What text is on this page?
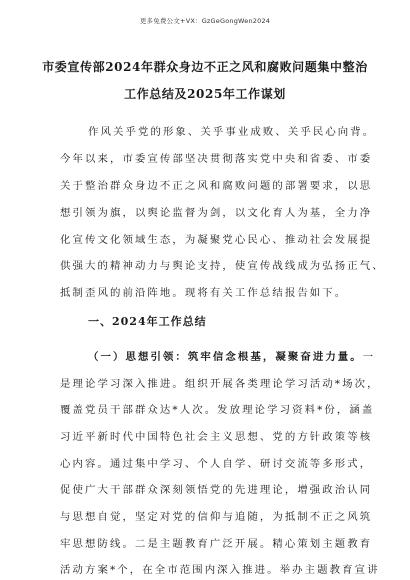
更多免费公文+VX：GzGeGongWen2024
市委宣传部2024年群众身边不正之风和腐败问题集中整治
工作总结及2025年工作谋划
作风关乎党的形象、关乎事业成败、关乎民心向背。
今年以来，市委宣传部坚决贯彻落实党中央和省委、市委
关于整治群众身边不正之风和腐败问题的部署要求，以思
想引领为旗，以舆论监督为剑，以文化育人为基，全力净
化宣传文化领域生态，为凝聚党心民心、推动社会发展提
供强大的精神动力与舆论支持，使宣传战线成为弘扬正气、
抵制歪风的前沿阵地。现将有关工作总结报告如下。
一、2024年工作总结
（一）思想引领：筑牢信念根基，凝聚奋进力量。一
是理论学习深入推进。组织开展各类理论学习活动*场次，
覆盖党员干部群众达*人次。发放理论学习资料*份，涵盖
习近平新时代中国特色社会主义思想、党的方针政策等核
心内容。通过集中学习、个人自学、研讨交流等多形式，
促使广大干部群众深刻领悟党的先进理论，增强政治认同
与思想自觉，坚定对党的信仰与追随，为抵制不正之风筑
牢思想防线。二是主题教育广泛开展。精心策划主题教育
活动方案*个，在全市范围内深入推进。举办主题教育宣讲
